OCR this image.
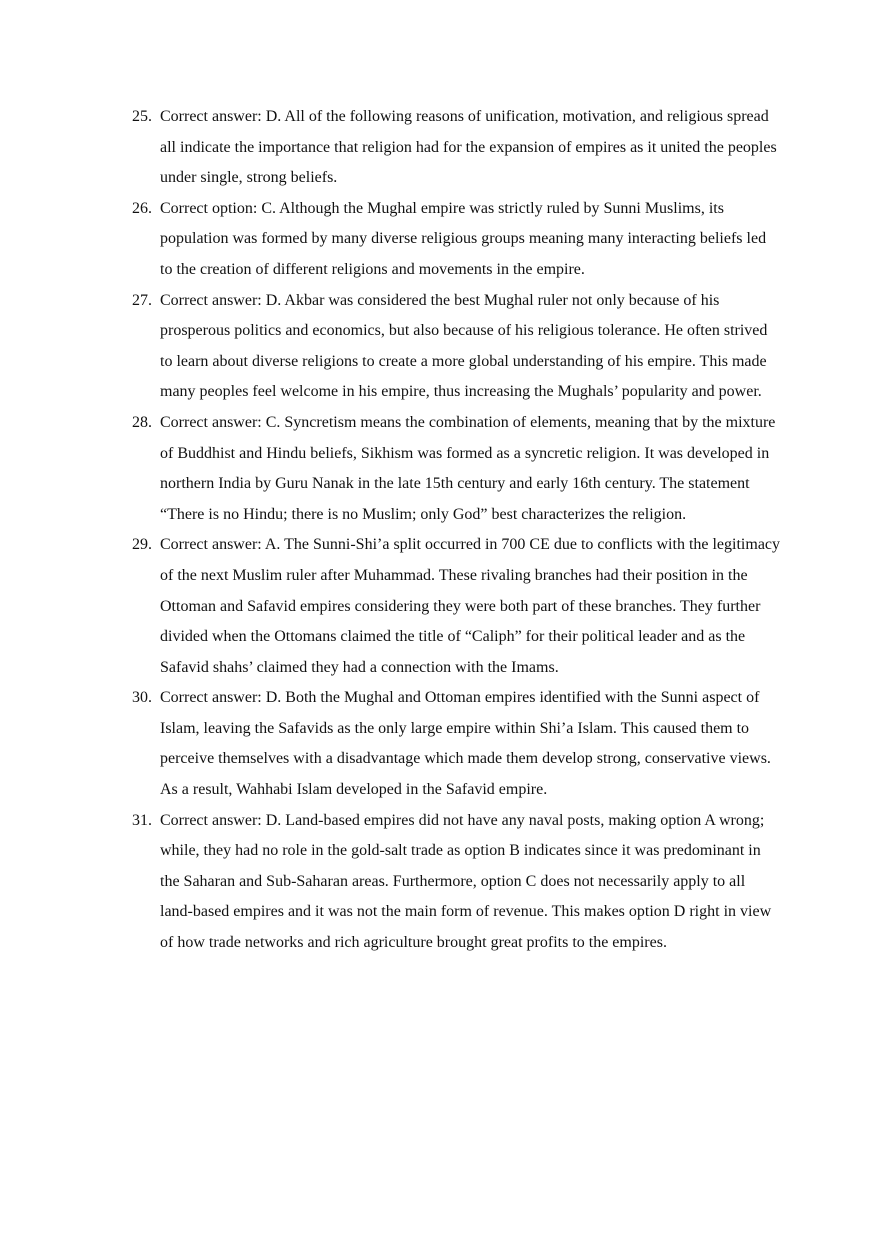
25. Correct answer: D. All of the following reasons of unification, motivation, and religious spread all indicate the importance that religion had for the expansion of empires as it united the peoples under single, strong beliefs.
26. Correct option: C. Although the Mughal empire was strictly ruled by Sunni Muslims, its population was formed by many diverse religious groups meaning many interacting beliefs led to the creation of different religions and movements in the empire.
27. Correct answer: D. Akbar was considered the best Mughal ruler not only because of his prosperous politics and economics, but also because of his religious tolerance. He often strived to learn about diverse religions to create a more global understanding of his empire. This made many peoples feel welcome in his empire, thus increasing the Mughals’ popularity and power.
28. Correct answer: C. Syncretism means the combination of elements, meaning that by the mixture of Buddhist and Hindu beliefs, Sikhism was formed as a syncretic religion. It was developed in northern India by Guru Nanak in the late 15th century and early 16th century. The statement “There is no Hindu; there is no Muslim; only God” best characterizes the religion.
29. Correct answer: A. The Sunni-Shi’a split occurred in 700 CE due to conflicts with the legitimacy of the next Muslim ruler after Muhammad. These rivaling branches had their position in the Ottoman and Safavid empires considering they were both part of these branches. They further divided when the Ottomans claimed the title of “Caliph” for their political leader and as the Safavid shahs’ claimed they had a connection with the Imams.
30. Correct answer: D. Both the Mughal and Ottoman empires identified with the Sunni aspect of Islam, leaving the Safavids as the only large empire within Shi’a Islam. This caused them to perceive themselves with a disadvantage which made them develop strong, conservative views. As a result, Wahhabi Islam developed in the Safavid empire.
31. Correct answer: D. Land-based empires did not have any naval posts, making option A wrong; while, they had no role in the gold-salt trade as option B indicates since it was predominant in the Saharan and Sub-Saharan areas. Furthermore, option C does not necessarily apply to all land-based empires and it was not the main form of revenue. This makes option D right in view of how trade networks and rich agriculture brought great profits to the empires.
